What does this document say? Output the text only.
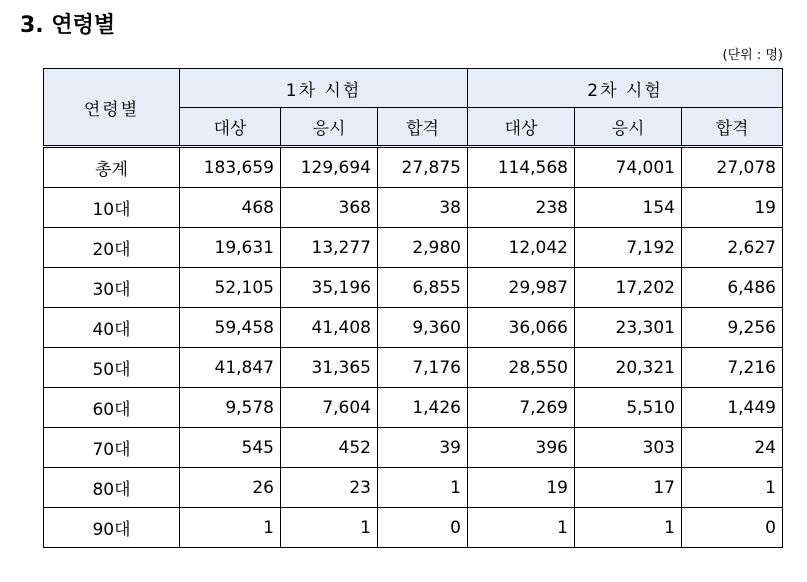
3. 연령별
(단위 : 명)
연령별	1차 시험			2차 시험		
	대상	응시	합격	대상	응시	합격
총계	183,659	129,694	27,875	114,568	74,001	27,078
10대	468	368	38	238	154	19
20대	19,631	13,277	2,980	12,042	7,192	2,627
30대	52,105	35,196	6,855	29,987	17,202	6,486
40대	59,458	41,408	9,360	36,066	23,301	9,256
50대	41,847	31,365	7,176	28,550	20,321	7,216
60대	9,578	7,604	1,426	7,269	5,510	1,449
70대	545	452	39	396	303	24
80대	26	23	1	19	17	1
90대	1	1	0	1	1	0
